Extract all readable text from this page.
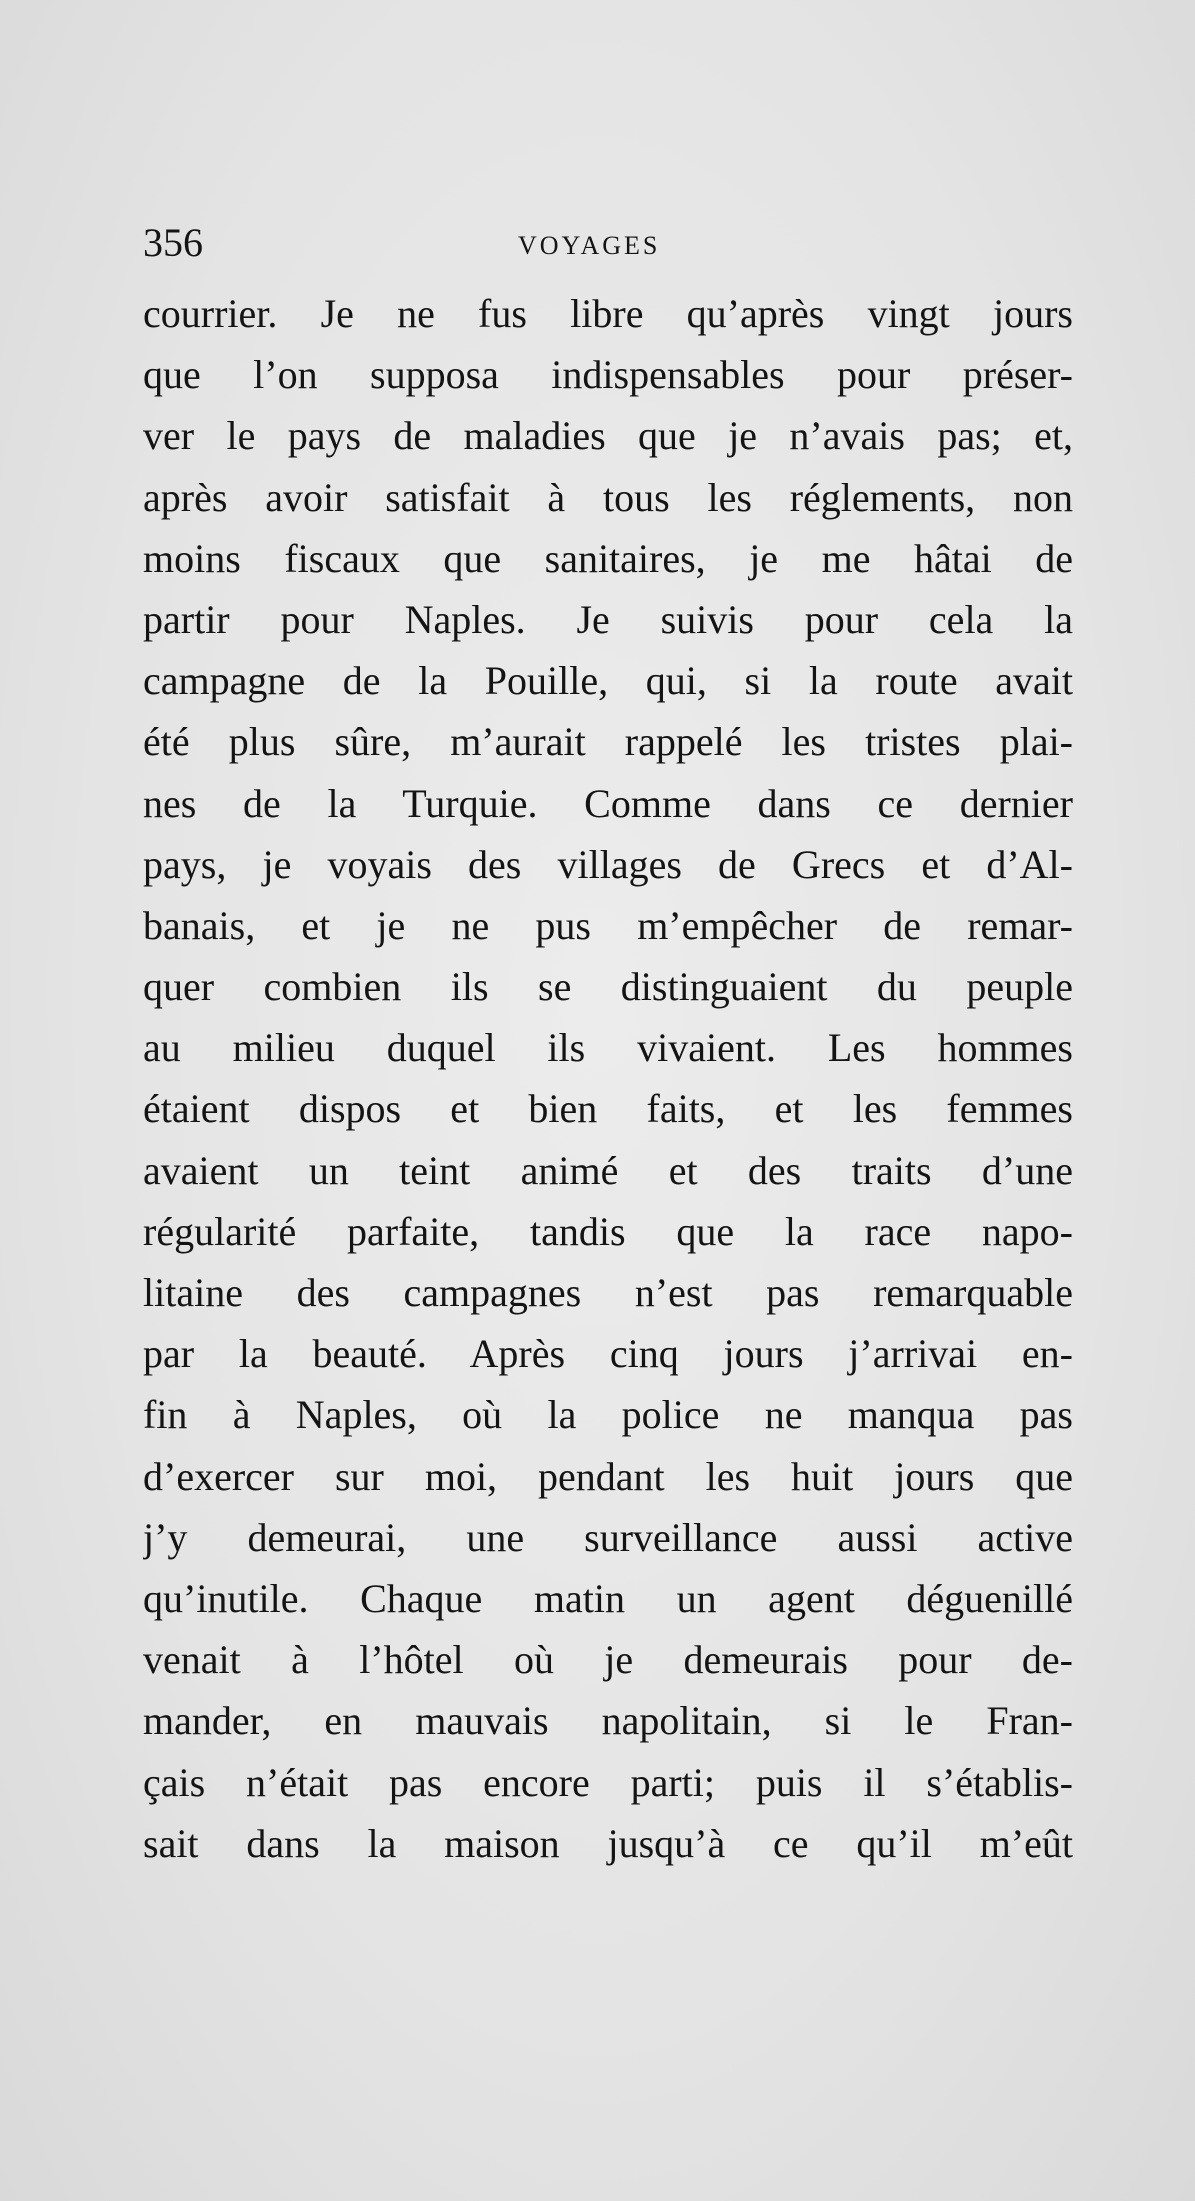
356	VOYAGES
courrier. Je ne fus libre qu’après vingt jours
que l’on supposa indispensables pour préser-
ver le pays de maladies que je n’avais pas; et,
après avoir satisfait à tous les réglements, non
moins fiscaux que sanitaires, je me hâtai de
partir pour Naples. Je suivis pour cela la
campagne de la Pouille, qui, si la route avait
été plus sûre, m’aurait rappelé les tristes plai-
nes de la Turquie. Comme dans ce dernier
pays, je voyais des villages de Grecs et d’Al-
banais, et je ne pus m’empêcher de remar-
quer combien ils se distinguaient du peuple
au milieu duquel ils vivaient. Les hommes
étaient dispos et bien faits, et les femmes
avaient un teint animé et des traits d’une
régularité parfaite, tandis que la race napo-
litaine des campagnes n’est pas remarquable
par la beauté. Après cinq jours j’arrivai en-
fin à Naples, où la police ne manqua pas
d’exercer sur moi, pendant les huit jours que
j’y demeurai, une surveillance aussi active
qu’inutile. Chaque matin un agent déguenillé
venait à l’hôtel où je demeurais pour de-
mander, en mauvais napolitain, si le Fran-
çais n’était pas encore parti; puis il s’établis-
sait dans la maison jusqu’à ce qu’il m’eût
